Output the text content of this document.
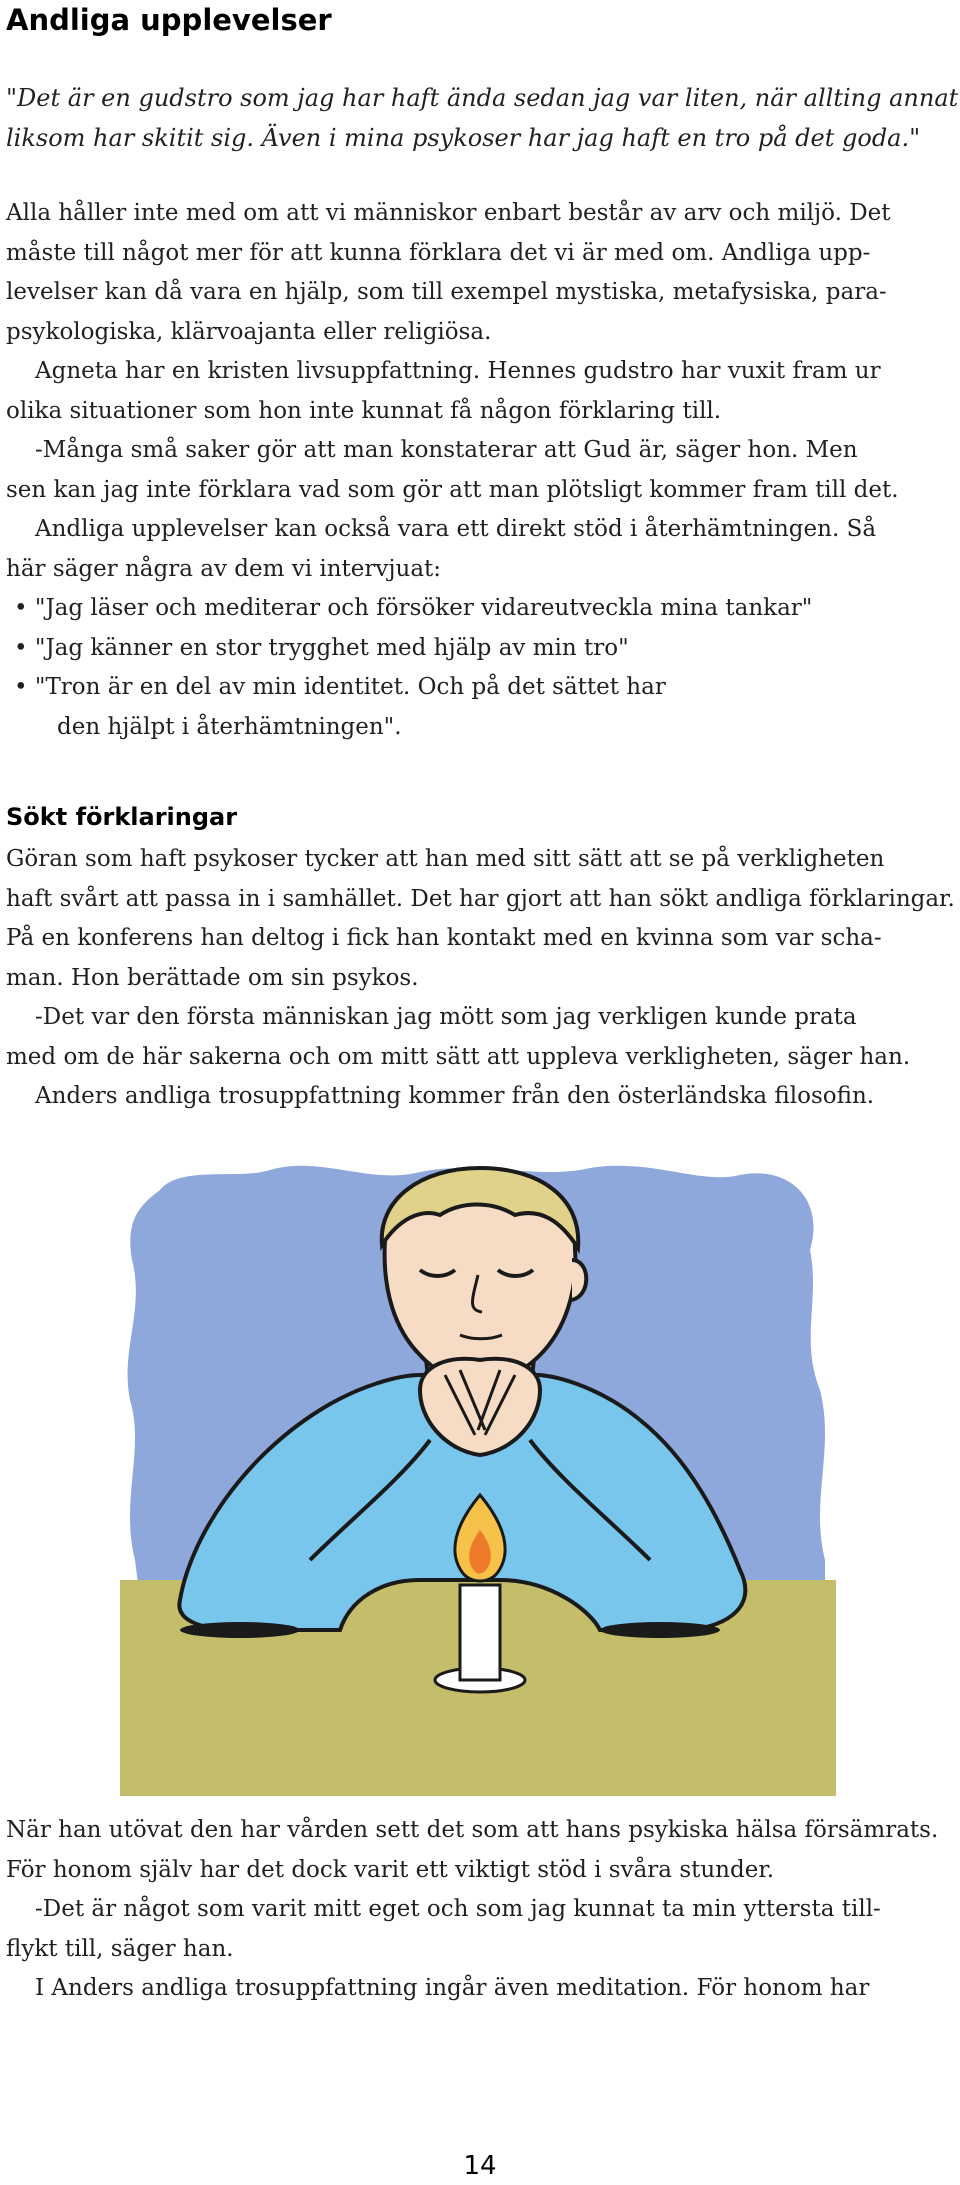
Andliga upplevelser

"Det är en gudstro som jag har haft ända sedan jag var liten, när allting annat

liksom har skitit sig. Även i mina psykoser har jag haft en tro på det goda."

Alla håller inte med om att vi människor enbart består av arv och miljö. Det

måste till något mer för att kunna förklara det vi är med om. Andliga upp-

levelser kan då vara en hjälp, som till exempel mystiska, metafysiska, para-

psykologiska, klärvoajanta eller religiösa.

Agneta har en kristen livsuppfattning. Hennes gudstro har vuxit fram ur

olika situationer som hon inte kunnat få någon förklaring till.

-Många små saker gör att man konstaterar att Gud är, säger hon. Men

sen kan jag inte förklara vad som gör att man plötsligt kommer fram till det.

Andliga upplevelser kan också vara ett direkt stöd i återhämtningen. Så

här säger några av dem vi intervjuat:

• "Jag läser och mediterar och försöker vidareutveckla mina tankar"

• "Jag känner en stor trygghet med hjälp av min tro"

• "Tron är en del av min identitet. Och på det sättet har

den hjälpt i återhämtningen".

Sökt förklaringar

Göran som haft psykoser tycker att han med sitt sätt att se på verkligheten

haft svårt att passa in i samhället. Det har gjort att han sökt andliga förklaringar.

På en konferens han deltog i fick han kontakt med en kvinna som var scha-

man. Hon berättade om sin psykos.

-Det var den första människan jag mött som jag verkligen kunde prata

med om de här sakerna och om mitt sätt att uppleva verkligheten, säger han.

Anders andliga trosuppfattning kommer från den österländska filosofin.

När han utövat den har vården sett det som att hans psykiska hälsa försämrats.

För honom själv har det dock varit ett viktigt stöd i svåra stunder.

-Det är något som varit mitt eget och som jag kunnat ta min yttersta till-

flykt till, säger han.

I Anders andliga trosuppfattning ingår även meditation. För honom har

14
